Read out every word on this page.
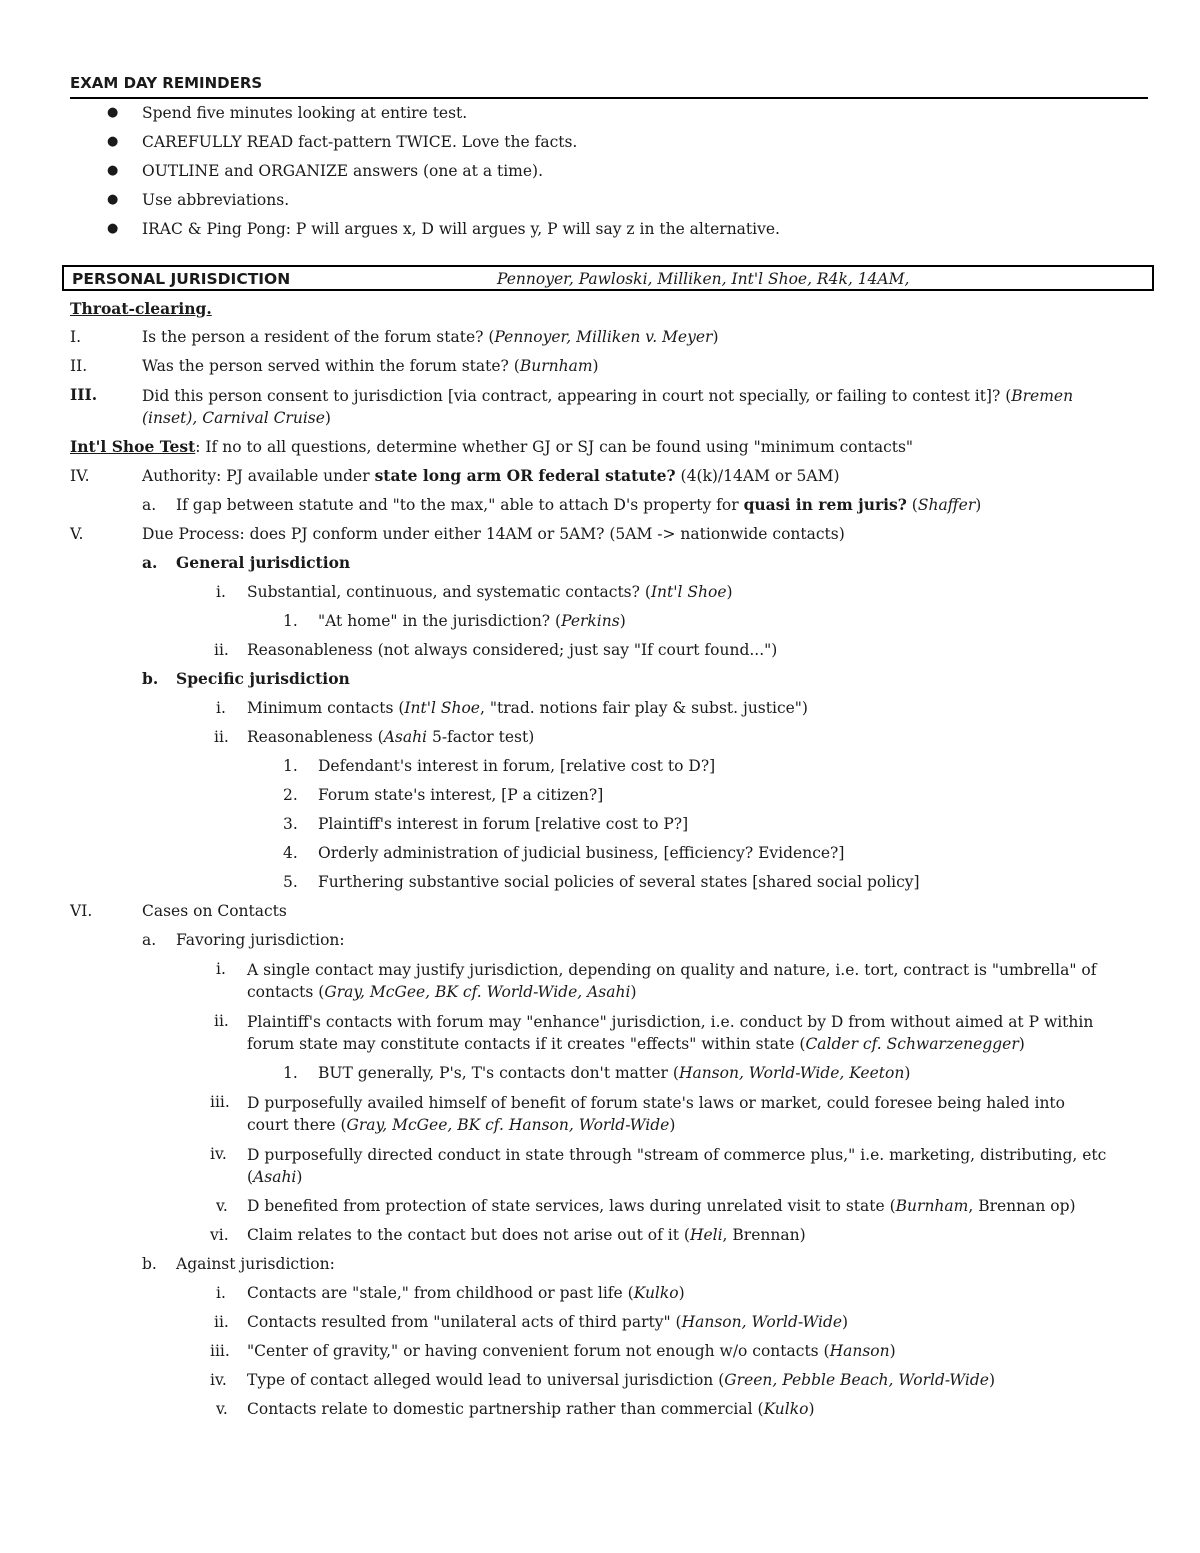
EXAM DAY REMINDERS
● Spend five minutes looking at entire test.
● CAREFULLY READ fact-pattern TWICE. Love the facts.
● OUTLINE and ORGANIZE answers (one at a time).
● Use abbreviations.
● IRAC & Ping Pong: P will argues x, D will argues y, P will say z in the alternative.
PERSONAL JURISDICTION	Pennoyer, Pawloski, Milliken, Int'l Shoe, R4k, 14AM,
Throat-clearing.
I.	Is the person a resident of the forum state? (Pennoyer, Milliken v. Meyer)
II.	Was the person served within the forum state? (Burnham)
III.	Did this person consent to jurisdiction [via contract, appearing in court not specially, or failing to contest it]? (Bremen
(inset), Carnival Cruise)
Int'l Shoe Test: If no to all questions, determine whether GJ or SJ can be found using "minimum contacts"
IV.	Authority: PJ available under state long arm OR federal statute? (4(k)/14AM or 5AM)
a. If gap between statute and "to the max," able to attach D's property for quasi in rem juris? (Shaffer)
V.	Due Process: does PJ conform under either 14AM or 5AM? (5AM -> nationwide contacts)
a. General jurisdiction
i. Substantial, continuous, and systematic contacts? (Int'l Shoe)
1. "At home" in the jurisdiction? (Perkins)
ii. Reasonableness (not always considered; just say "If court found...")
b. Specific jurisdiction
i. Minimum contacts (Int'l Shoe, "trad. notions fair play & subst. justice")
ii. Reasonableness (Asahi 5-factor test)
1. Defendant's interest in forum, [relative cost to D?]
2. Forum state's interest, [P a citizen?]
3. Plaintiff's interest in forum [relative cost to P?]
4. Orderly administration of judicial business, [efficiency? Evidence?]
5. Furthering substantive social policies of several states [shared social policy]
VI.	Cases on Contacts
a. Favoring jurisdiction:
i. A single contact may justify jurisdiction, depending on quality and nature, i.e. tort, contract is "umbrella" of
contacts (Gray, McGee, BK cf. World-Wide, Asahi)
ii. Plaintiff's contacts with forum may "enhance" jurisdiction, i.e. conduct by D from without aimed at P within
forum state may constitute contacts if it creates "effects" within state (Calder cf. Schwarzenegger)
1. BUT generally, P's, T's contacts don't matter (Hanson, World-Wide, Keeton)
iii. D purposefully availed himself of benefit of forum state's laws or market, could foresee being haled into
court there (Gray, McGee, BK cf. Hanson, World-Wide)
iv. D purposefully directed conduct in state through "stream of commerce plus," i.e. marketing, distributing, etc
(Asahi)
v. D benefited from protection of state services, laws during unrelated visit to state (Burnham, Brennan op)
vi. Claim relates to the contact but does not arise out of it (Heli, Brennan)
b. Against jurisdiction:
i. Contacts are "stale," from childhood or past life (Kulko)
ii. Contacts resulted from "unilateral acts of third party" (Hanson, World-Wide)
iii. "Center of gravity," or having convenient forum not enough w/o contacts (Hanson)
iv. Type of contact alleged would lead to universal jurisdiction (Green, Pebble Beach, World-Wide)
v. Contacts relate to domestic partnership rather than commercial (Kulko)
